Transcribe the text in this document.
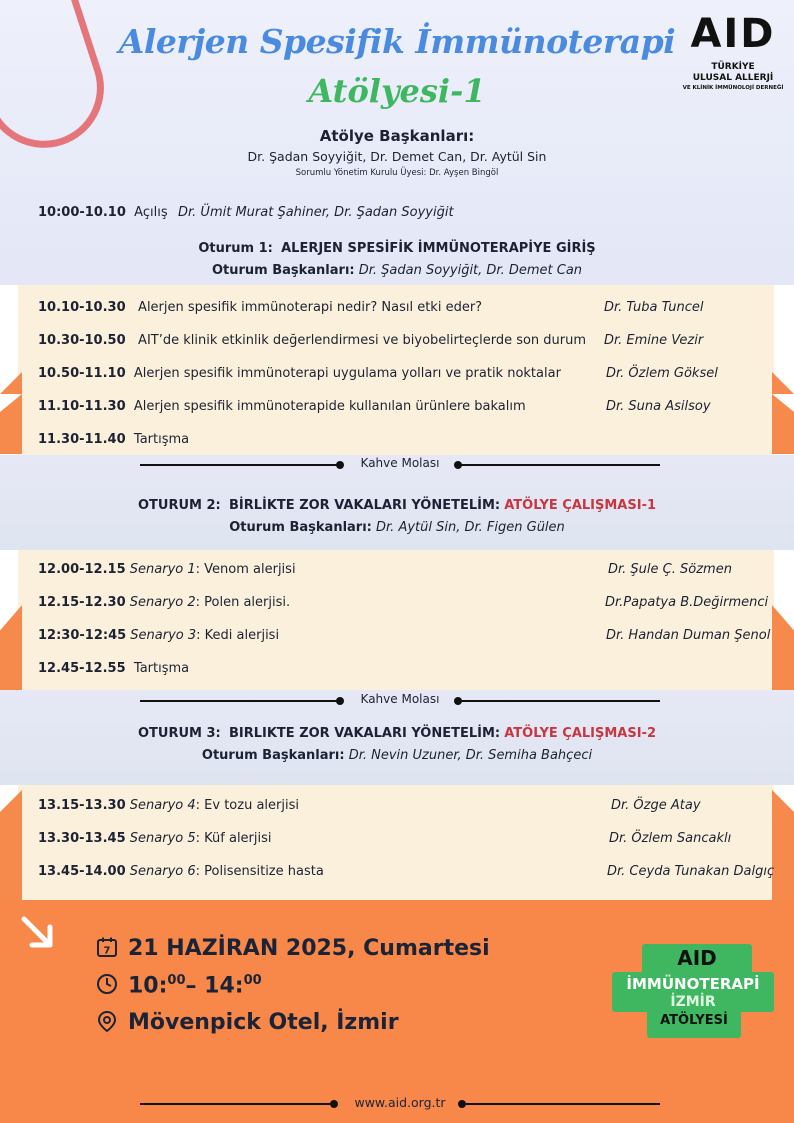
Alerjen Spesifik İmmünoterapi
Atölyesi-1
AID
TÜRKİYE
ULUSAL ALLERJİ
VE KLİNİK İMMÜNOLOJİ DERNEĞİ
Atölye Başkanları:
Dr. Şadan Soyyiğit, Dr. Demet Can, Dr. Aytül Sin
Sorumlu Yönetim Kurulu Üyesi: Dr. Ayşen Bingöl
10:00-10.10 Açılış Dr. Ümit Murat Şahiner, Dr. Şadan Soyyiğit
Oturum 1: ALERJEN SPESİFİK İMMÜNOTERAPİYE GİRİŞ
Oturum Başkanları: Dr. Şadan Soyyiğit, Dr. Demet Can
10.10-10.30 Alerjen spesifik immünoterapi nedir? Nasıl etki eder?	Dr. Tuba Tuncel
10.30-10.50 AIT’de klinik etkinlik değerlendirmesi ve biyobelirteçlerde son durum Dr. Emine Vezir
10.50-11.10 Alerjen spesifik immünoterapi uygulama yolları ve pratik noktalar	Dr. Özlem Göksel
11.10-11.30 Alerjen spesifik immünoterapide kullanılan ürünlere bakalım	Dr. Suna Asilsoy
11.30-11.40 Tartışma
Kahve Molası
OTURUM 2: BİRLİKTE ZOR VAKALARI YÖNETELİM: ATÖLYE ÇALIŞMASI-1
Oturum Başkanları: Dr. Aytül Sin, Dr. Figen Gülen
12.00-12.15 Senaryo 1: Venom alerjisi	Dr. Şule Ç. Sözmen
12.15-12.30 Senaryo 2: Polen alerjisi.	Dr.Papatya B.Değirmenci
12:30-12:45 Senaryo 3: Kedi alerjisi	Dr. Handan Duman Şenol
12.45-12.55 Tartışma
Kahve Molası
OTURUM 3: BIRLIKTE ZOR VAKALARI YÖNETELİM: ATÖLYE ÇALIŞMASI-2
Oturum Başkanları: Dr. Nevin Uzuner, Dr. Semiha Bahçeci
13.15-13.30 Senaryo 4: Ev tozu alerjisi	Dr. Özge Atay
13.30-13.45 Senaryo 5: Küf alerjisi	Dr. Özlem Sancaklı
13.45-14.00 Senaryo 6: Polisensitize hasta	Dr. Ceyda Tunakan Dalgıç
7 21 HAZİRAN 2025, Cumartesi
10:$^{00}$– 14:$^{00}$
Mövenpick Otel, İzmir
AID
ATÖLYESİ
İMMÜNOTERAPİ
İZMİR
www.aid.org.tr
